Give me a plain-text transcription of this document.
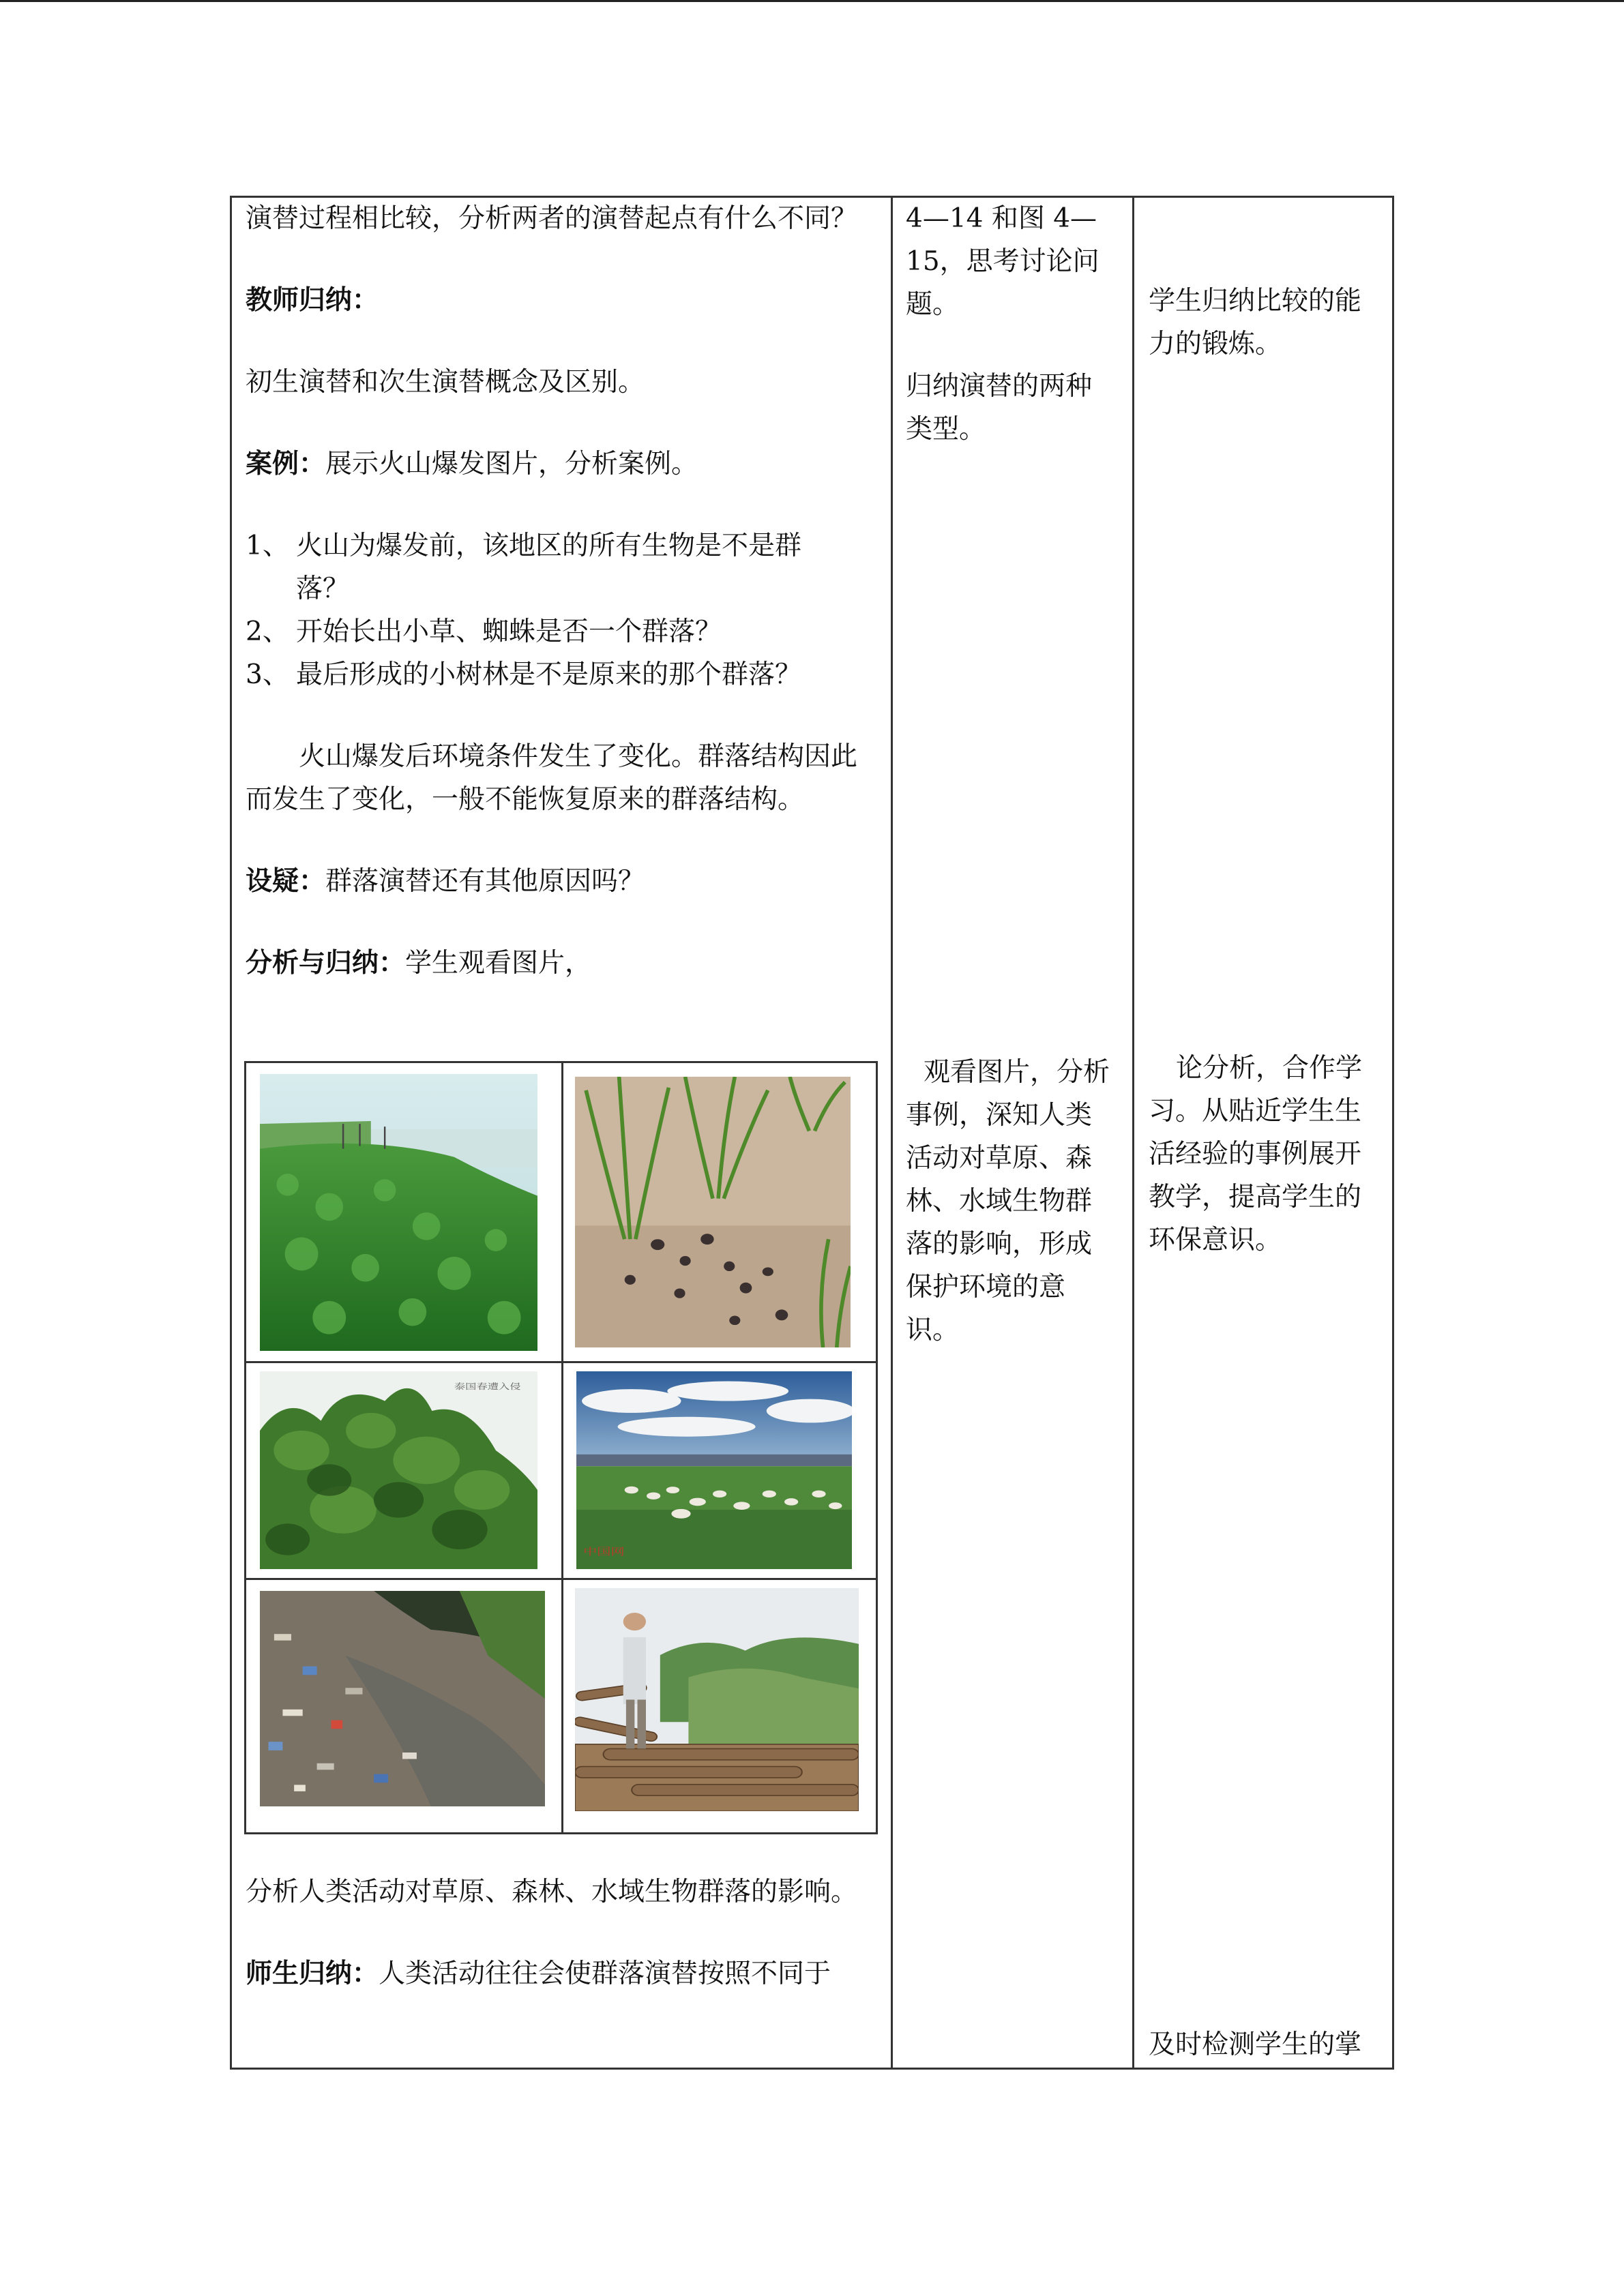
演替过程相比较，分析两者的演替起点有什么不同？

教师归纳：

初生演替和次生演替概念及区别。

案例：展示火山爆发图片，分析案例。

1、 火山为爆发前，该地区的所有生物是不是群落？
2、 开始长出小草、蜘蛛是否一个群落？
3、 最后形成的小树林是不是原来的那个群落？

火山爆发后环境条件发生了变化。群落结构因此而发生了变化，一般不能恢复原来的群落结构。

设疑：群落演替还有其他原因吗？

分析与归纳：学生观看图片，

分析人类活动对草原、森林、水域生物群落的影响。

师生归纳：人类活动往往会使群落演替按照不同于

泰国春遭入侵
中国网

4—14 和图 4—15，思考讨论问题。

归纳演替的两种类型。

观看图片，分析事例，深知人类活动对草原、森林、水域生物群落的影响，形成保护环境的意识。

学生归纳比较的能力的锻炼。

论分析，合作学习。从贴近学生生活经验的事例展开教学，提高学生的环保意识。

及时检测学生的掌
